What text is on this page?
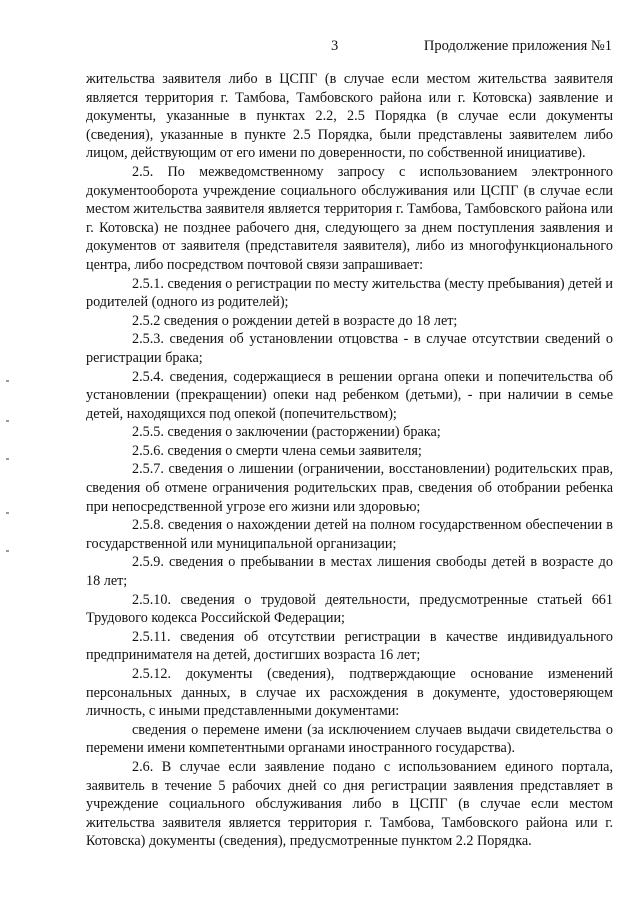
3	Продолжение приложения №1

жительства заявителя либо в ЦСПГ (в случае если местом жительства заявителя является территория г. Тамбова, Тамбовского района или г. Котовска) заявление и документы, указанные в пунктах 2.2, 2.5 Порядка (в случае если документы (сведения), указанные в пункте 2.5 Порядка, были представлены заявителем либо лицом, действующим от его имени по доверенности, по собственной инициативе).

2.5. По межведомственному запросу с использованием электронного документооборота учреждение социального обслуживания или ЦСПГ (в случае если местом жительства заявителя является территория г. Тамбова, Тамбовского района или г. Котовска) не позднее рабочего дня, следующего за днем поступления заявления и документов от заявителя (представителя заявителя), либо из многофункционального центра, либо посредством почтовой связи запрашивает:

2.5.1. сведения о регистрации по месту жительства (месту пребывания) детей и родителей (одного из родителей);

2.5.2 сведения о рождении детей в возрасте до 18 лет;

2.5.3. сведения об установлении отцовства - в случае отсутствии сведений о регистрации брака;

2.5.4. сведения, содержащиеся в решении органа опеки и попечительства об установлении (прекращении) опеки над ребенком (детьми), - при наличии в семье детей, находящихся под опекой (попечительством);

2.5.5. сведения о заключении (расторжении) брака;

2.5.6. сведения о смерти члена семьи заявителя;

2.5.7. сведения о лишении (ограничении, восстановлении) родительских прав, сведения об отмене ограничения родительских прав, сведения об отобрании ребенка при непосредственной угрозе его жизни или здоровью;

2.5.8. сведения о нахождении детей на полном государственном обеспечении в государственной или муниципальной организации;

2.5.9. сведения о пребывании в местах лишения свободы детей в возрасте до 18 лет;

2.5.10. сведения о трудовой деятельности, предусмотренные статьей 661 Трудового кодекса Российской Федерации;

2.5.11. сведения об отсутствии регистрации в качестве индивидуального предпринимателя на детей, достигших возраста 16 лет;

2.5.12. документы (сведения), подтверждающие основание изменений персональных данных, в случае их расхождения в документе, удостоверяющем личность, с иными представленными документами:

сведения о перемене имени (за исключением случаев выдачи свидетельства о перемени имени компетентными органами иностранного государства).

2.6. В случае если заявление подано с использованием единого портала, заявитель в течение 5 рабочих дней со дня регистрации заявления представляет в учреждение социального обслуживания либо в ЦСПГ (в случае если местом жительства заявителя является территория г. Тамбова, Тамбовского района или г. Котовска) документы (сведения), предусмотренные пунктом 2.2 Порядка.
